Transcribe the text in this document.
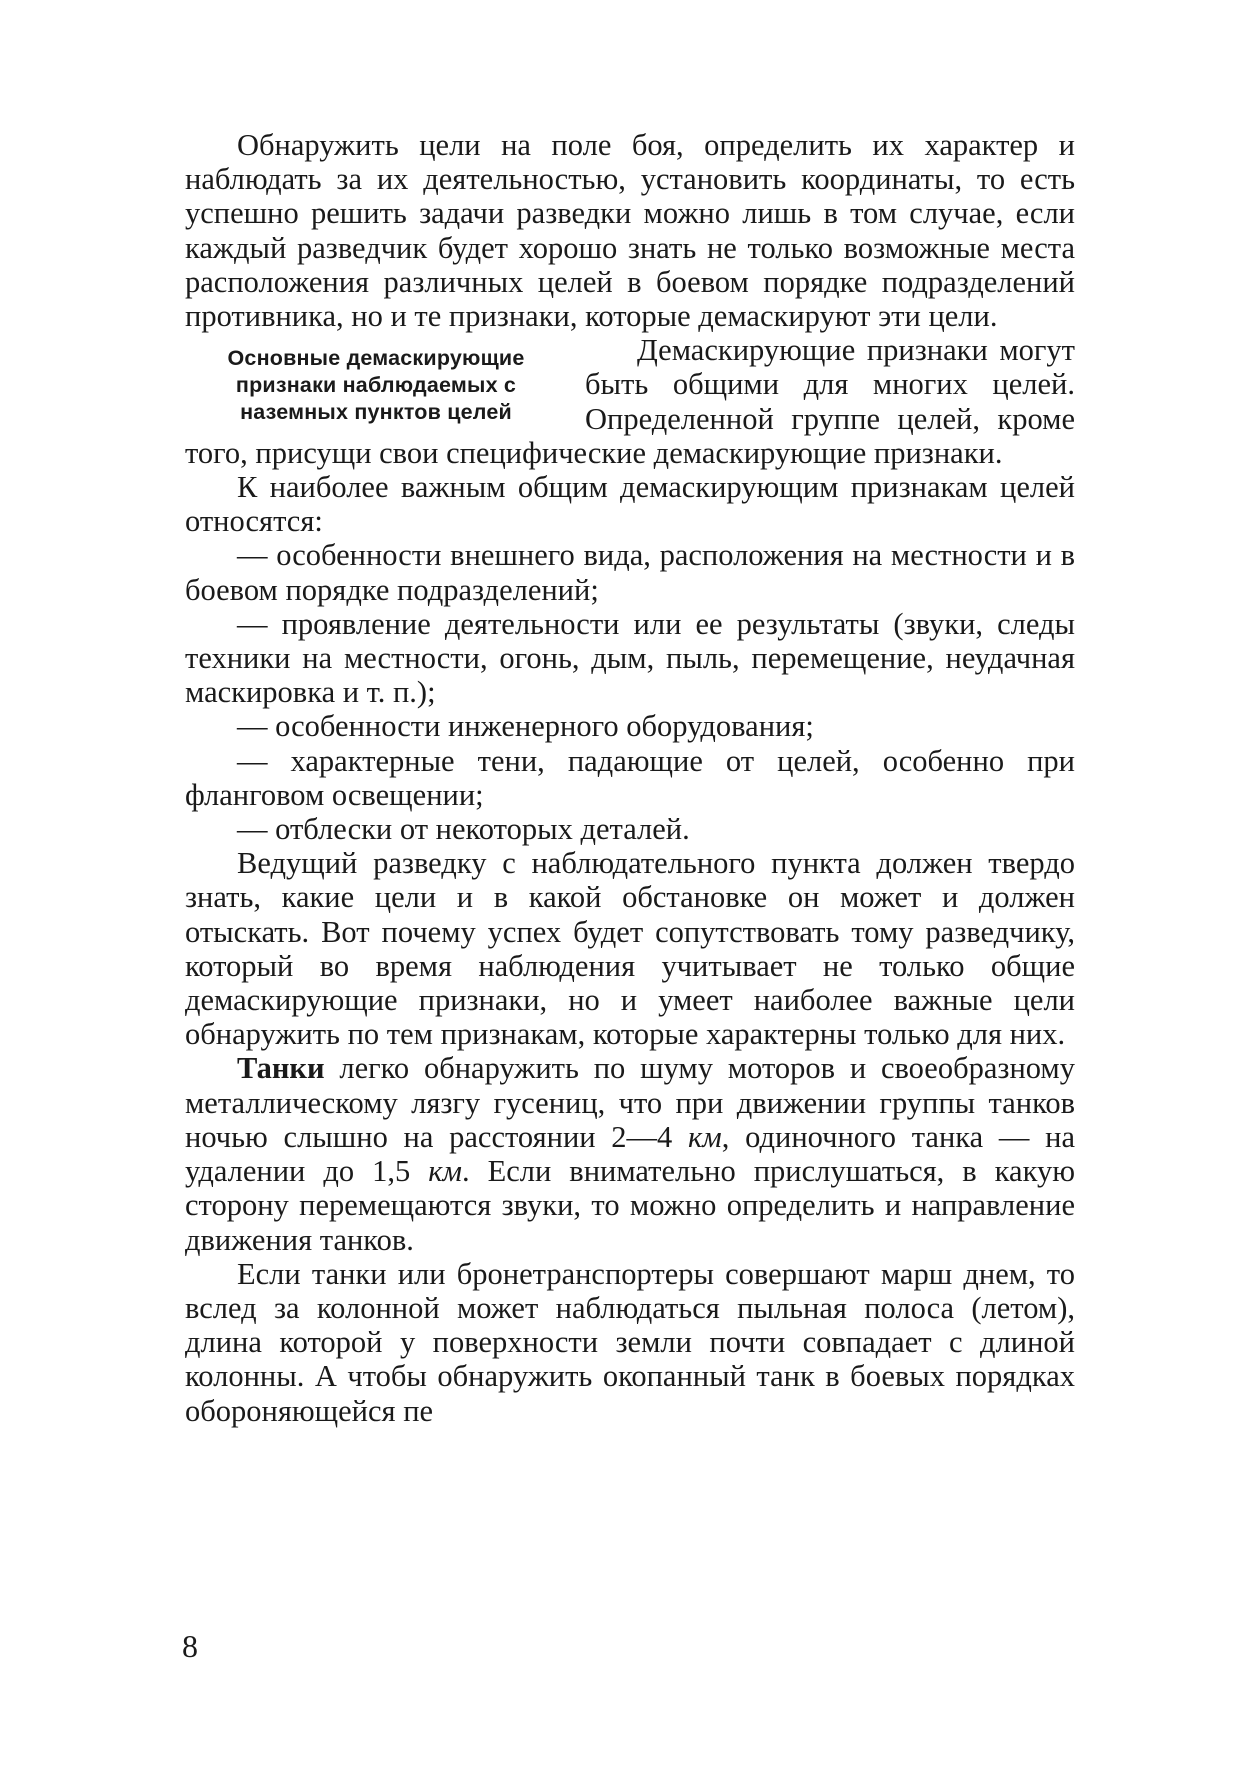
Обнаружить цели на поле боя, определить их характер и наблюдать за их деятельностью, установить координаты, то есть успешно решить задачи разведки можно лишь в том случае, если каждый разведчик будет хорошо знать не только возможные места расположения различных целей в боевом порядке подразделений противника, но и те признаки, которые демаскируют эти цели.

Основные демаскирующие признаки наблюдаемых с наземных пунктов целей

Демаскирующие признаки могут быть общими для многих целей. Определенной группе целей, кроме того, присущи свои специфические демаскирующие признаки.

К наиболее важным общим демаскирующим признакам целей относятся:

— особенности внешнего вида, расположения на местности и в боевом порядке подразделений;

— проявление деятельности или ее результаты (звуки, следы техники на местности, огонь, дым, пыль, перемещение, неудачная маскировка и т. п.);

— особенности инженерного оборудования;

— характерные тени, падающие от целей, особенно при фланговом освещении;

— отблески от некоторых деталей.

Ведущий разведку с наблюдательного пункта должен твердо знать, какие цели и в какой обстановке он может и должен отыскать. Вот почему успех будет сопутствовать тому разведчику, который во время наблюдения учитывает не только общие демаскирующие признаки, но и умеет наиболее важные цели обнаружить по тем признакам, которые характерны только для них.

Танки легко обнаружить по шуму моторов и своеобразному металлическому лязгу гусениц, что при движении группы танков ночью слышно на расстоянии 2—4 км, одиночного танка — на удалении до 1,5 км. Если внимательно прислушаться, в какую сторону перемещаются звуки, то можно определить и направление движения танков.

Если танки или бронетранспортеры совершают марш днем, то вслед за колонной может наблюдаться пыльная полоса (летом), длина которой у поверхности земли почти совпадает с длиной колонны. А чтобы обнаружить окопанный танк в боевых порядках обороняющейся пе

8
